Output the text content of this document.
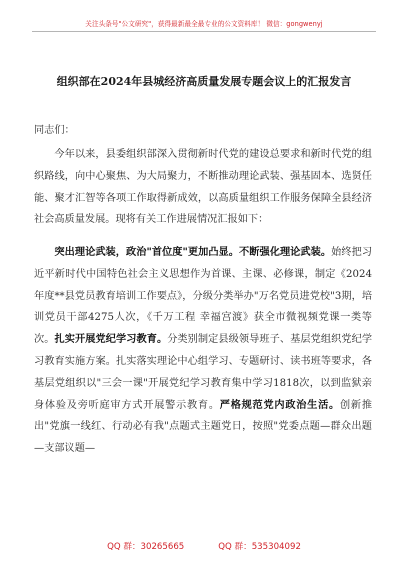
关注头条号"公文研究"，获得最新最全最专业的公文资料库！ 微信：gongwenyj
组织部在2024年县城经济高质量发展专题会议上的汇报发言
同志们：

今年以来，县委组织部深入贯彻新时代党的建设总要求和新时代党的组织路线，向中心聚焦、为大局聚力，不断推动理论武装、强基固本、选贤任能、聚才汇智等各项工作取得新成效，以高质量组织工作服务保障全县经济社会高质量发展。现将有关工作进展情况汇报如下：

突出理论武装，政治"首位度"更加凸显。不断强化理论武装。始终把习近平新时代中国特色社会主义思想作为首课、主课、必修课，制定《2024年度**县党员教育培训工作要点》，分级分类举办"万名党员进党校"3期，培训党员干部4275人次，《千万工程 幸福宫渡》获全市微视频党课一类等次。扎实开展党纪学习教育。分类别制定县级领导班子、基层党组织党纪学习教育实施方案。扎实落实理论中心组学习、专题研讨、读书班等要求，各基层党组织以"三会一课"开展党纪学习教育集中学习1818次，以到监狱亲身体验及旁听庭审方式开展警示教育。严格规范党内政治生活。创新推出"党旗一线红、行动必有我"点题式主题党日，按照"党委点题—群众出题—支部议题—

QQ 群：30265665	QQ 群：535304092
